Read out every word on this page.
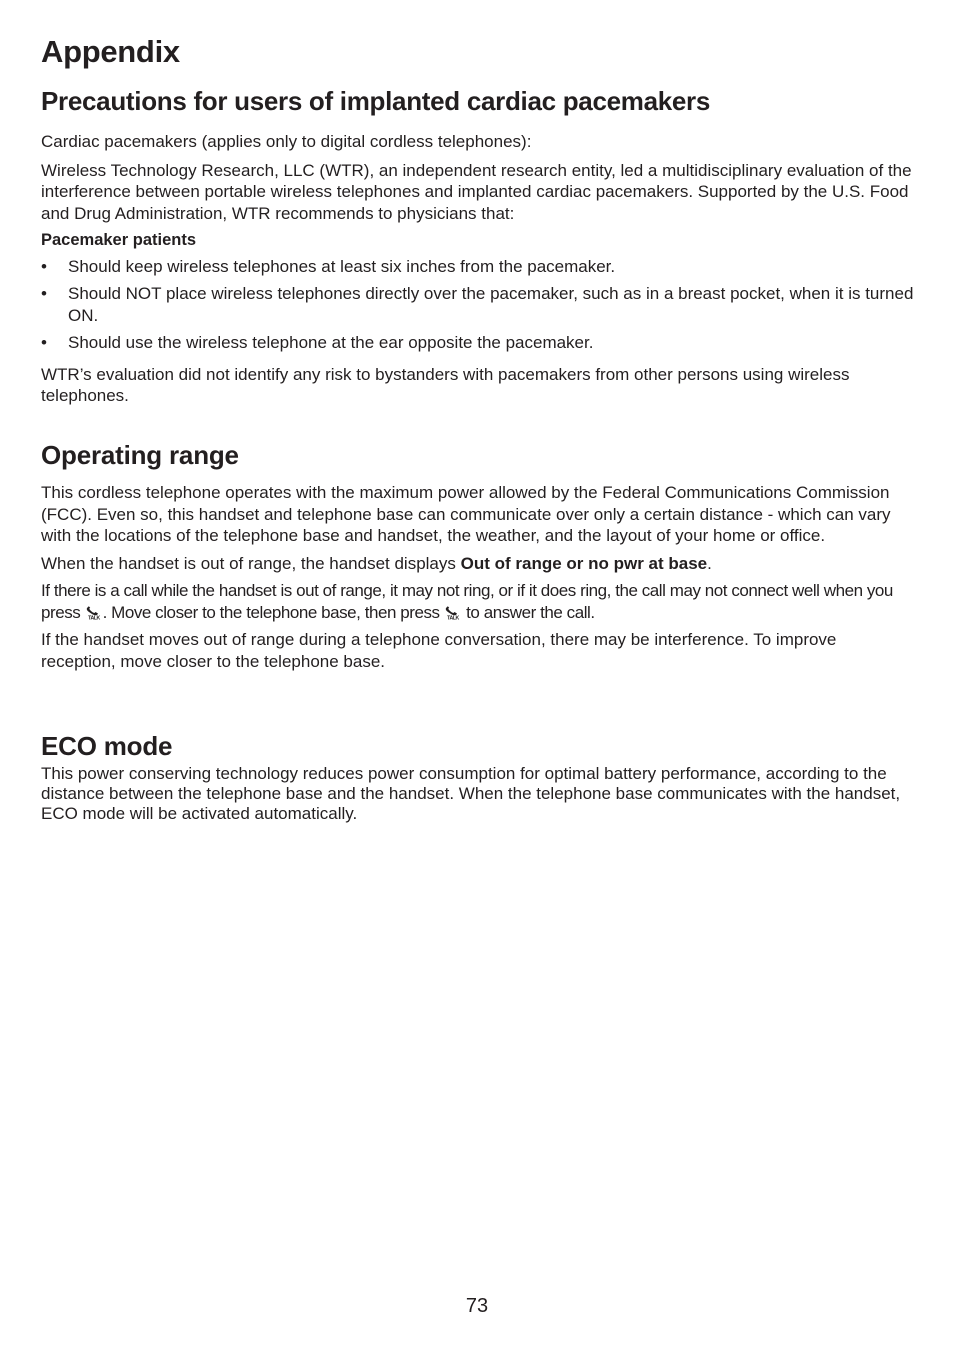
Appendix
Precautions for users of implanted cardiac pacemakers

Cardiac pacemakers (applies only to digital cordless telephones):

Wireless Technology Research, LLC (WTR), an independent research entity, led a multidisciplinary evaluation of the interference between portable wireless telephones and implanted cardiac pacemakers. Supported by the U.S. Food and Drug Administration, WTR recommends to physicians that:

Pacemaker patients

• Should keep wireless telephones at least six inches from the pacemaker.
• Should NOT place wireless telephones directly over the pacemaker, such as in a breast pocket, when it is turned ON.
• Should use the wireless telephone at the ear opposite the pacemaker.

WTR’s evaluation did not identify any risk to bystanders with pacemakers from other persons using wireless telephones.

Operating range

This cordless telephone operates with the maximum power allowed by the Federal Communications Commission (FCC). Even so, this handset and telephone base can communicate over only a certain distance - which can vary with the locations of the telephone base and handset, the weather, and the layout of your home or office.

When the handset is out of range, the handset displays Out of range or no pwr at base.

If there is a call while the handset is out of range, it may not ring, or if it does ring, the call may not connect well when you press TALK . Move closer to the telephone base, then press TALK to answer the call.

If the handset moves out of range during a telephone conversation, there may be interference. To improve reception, move closer to the telephone base.

ECO mode

This power conserving technology reduces power consumption for optimal battery performance, according to the distance between the telephone base and the handset. When the telephone base communicates with the handset, ECO mode will be activated automatically.

73
